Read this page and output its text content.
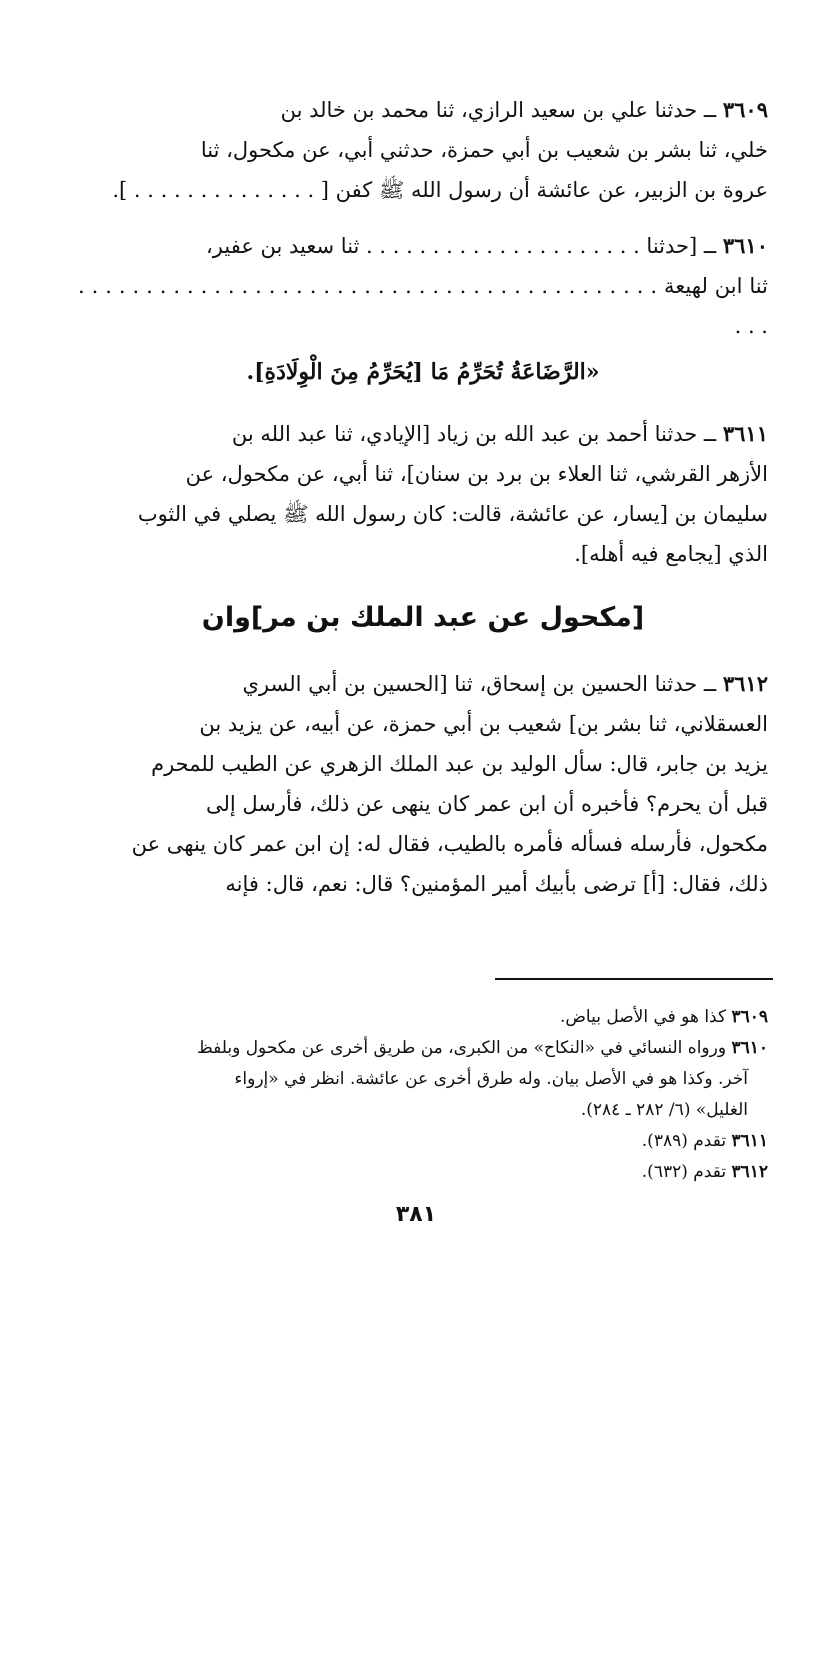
٣٦٠٩ ــ حدثنا علي بن سعيد الرازي، ثنا محمد بن خالد بن
خلي، ثنا بشر بن شعيب بن أبي حمزة، حدثني أبي، عن مكحول، ثنا
عروة بن الزبير، عن عائشة أن رسول الله ﷺ كفن [ . . . . . . . . . . . . . . ].
٣٦١٠ ــ [حدثنا . . . . . . . . . . . . . . . . . . . . . ثنا سعيد بن عفير،
ثنا ابن لهيعة . . . . . . . . . . . . . . . . . . . . . . . . . . . . . . . . . . . . . . . . . . . . . .
«الرَّضَاعَةُ تُحَرِّمُ مَا [يُحَرِّمُ مِنَ الْوِلَادَةِ].
٣٦١١ ــ حدثنا أحمد بن عبد الله بن زياد [الإيادي، ثنا عبد الله بن
الأزهر القرشي، ثنا العلاء بن برد بن سنان]، ثنا أبي، عن مكحول، عن
سليمان بن [يسار، عن عائشة، قالت: كان رسول الله ﷺ يصلي في الثوب
الذي [يجامع فيه أهله].
[مكحول عن عبد الملك بن مر]وان
٣٦١٢ ــ حدثنا الحسين بن إسحاق، ثنا [الحسين بن أبي السري
العسقلاني، ثنا بشر بن] شعيب بن أبي حمزة، عن أبيه، عن يزيد بن
يزيد بن جابر، قال: سأل الوليد بن عبد الملك الزهري عن الطيب للمحرم
قبل أن يحرم؟ فأخبره أن ابن عمر كان ينهى عن ذلك، فأرسل إلى
مكحول، فأرسله فسأله فأمره بالطيب، فقال له: إن ابن عمر كان ينهى عن
ذلك، فقال: [أ] ترضى بأبيك أمير المؤمنين؟ قال: نعم، قال: فإنه

٣٦٠٩ كذا هو في الأصل بياض.

٣٦١٠ ورواه النسائي في «النكاح» من الكبرى، من طريق أخرى عن مكحول وبلفظ
آخر. وكذا هو في الأصل بيان. وله طرق أخرى عن عائشة. انظر في «إرواء
الغليل» (٦/ ٢٨٢ ـ ٢٨٤).

٣٦١١ تقدم (٣٨٩).

٣٦١٢ تقدم (٦٣٢).

٣٨١
